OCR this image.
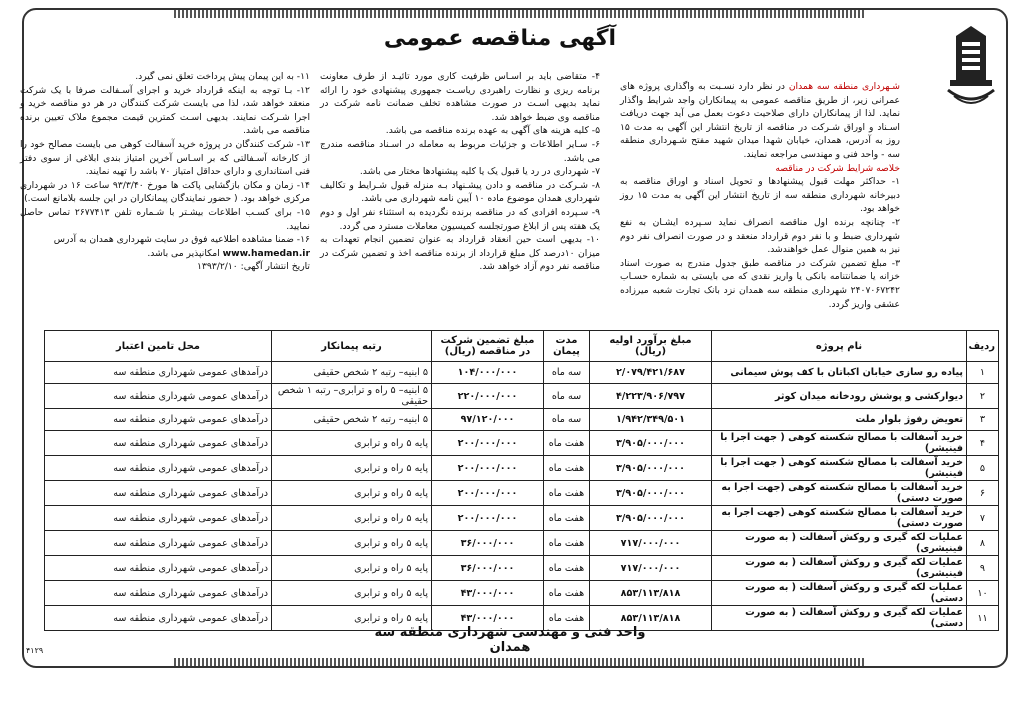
آگهی مناقصه عمومی

شـهرداری منطقه سه همدان در نظر دارد نسـبت به واگذاری پروژه های عمرانی زیر، از طریق مناقصه عمومی به پیمانکاران واجد شرایط واگذار نماید. لذا از پیمانکاران دارای صلاحیت دعوت بعمل می آید جهت دریافت اسـناد و اوراق شـرکت در مناقصه از تاریخ انتشار این آگهی به مدت ۱۵ روز به آدرس، همدان، خیابان شهدا میدان شهید مفتح شـهرداری منطقه سه - واحد فنی و مهندسی مراجعه نمایند.

خلاصه شرایط شرکت در مناقصه

۱- حداکثر مهلت قبول پیشنهادها و تحویل اسناد و اوراق مناقصه به دبیرخانه شهرداری منطقه سه از تاریخ انتشار این آگهی به مدت ۱۵ روز خواهد بود.

۲- چنانچه برنده اول مناقصه انصراف نماید سـپرده ایشـان به نفع شهرداری ضبط و با نفر دوم قرارداد منعقد و در صورت انصراف نفر دوم نیز به همین منوال عمل خواهندشد.

۳- مبلغ تضمین شرکت در مناقصه طبق جدول مندرج به صورت اسناد خزانه یا ضمانتنامه بانکی یا واریز نقدی که می بایستی به شماره حسـاب ۲۴۰۷۰۶۷۲۴۲ شهرداری منطقه سه همدان نزد بانک تجارت شعبه میرزاده عشقی واریز گردد.

۴- متقاضی باید بر اسـاس ظرفیت کاری مورد تائیـد از طرف معاونت برنامه ریزی و نظارت راهبردی ریاسـت جمهوری پیشنهادی خود را ارائه نماید بدیهی اسـت در صورت مشاهده تخلف ضمانت نامه شرکت در مناقصه وی ضبط خواهد شد.

۵- کلیه هزینه های آگهی به عهده برنده مناقصه می باشد.

۶- سـایر اطلاعات و جزئیات مربوط به معامله در اسـناد مناقصه مندرج می باشد.

۷- شهرداری در رد یا قبول یک یا کلیه پیشنهادها مختار می باشد.

۸- شـرکت در مناقصه و دادن پیشـنهاد بـه منزله قبول شـرایط و تکالیف شهرداری همدان موضوع ماده ۱۰ آیین نامه شهرداری می باشد.

۹- سـپرده افرادی که در مناقصه برنده نگردیده به استثناء نفر اول و دوم یک هفته پس از ابلاغ صورتجلسه کمیسیون معاملات مسترد می گردد.

۱۰- بدیهی است حین انعقاد قرارداد به عنوان تضمین انجام تعهدات به میزان ۱۰درصد کل مبلغ قرارداد از برنده مناقصه اخذ و تضمین شرکت در مناقصه نفر دوم آزاد خواهد شد.

۱۱- به این پیمان پیش پرداخت تعلق نمی گیرد.

۱۲- بـا توجه به اینکه قرارداد خرید و اجرای آسـفالت صرفا با یک شرکت منعقد خواهد شد، لذا می بایست شرکت کنندگان در هر دو مناقصه خرید و اجرا شـرکت نمایند. بدیهی اسـت کمترین قیمت مجموع ملاک تعیین برنده مناقصه می باشد.

۱۳- شرکت کنندگان در پروژه خرید آسفالت کوهی می بایست مصالح خود را از کارخانه آسـفالتی که بر اسـاس آخرین امتیاز بندی ابلاغی از سوی دفتر فنی استانداری و دارای حداقل امتیاز ۷۰ باشد را تهیه نمایند.

۱۴- زمان و مکان بازگشایی پاکت ها مورخ ۹۳/۳/۴۰ ساعت ۱۶ در شهرداری مرکزی خواهد بود. ( حضور نمایندگان پیمانکاران در این جلسه بلامانع است.)

۱۵- برای کسـب اطلاعات بیشـتر با شـماره تلفن ۲۶۷۷۴۱۳ تماس حاصل نمایید.

۱۶- ضمنا مشاهده اطلاعیه فوق در سایت شهرداری همدان به آدرس

www.hamedan.ir امکانپذیر می باشد.

تاریخ انتشار آگهی: ۱۳۹۳/۲/۱۰

ردیف	نام پروژه	مبلغ برآورد اولیه (ریال)	مدت پیمان	مبلغ تضمین شرکت در مناقصه (ریال)	رتبه پیمانکار	محل تامین اعتبار
۱	پیاده رو سازی خیابان اکباتان با کف پوش سیمانی	۲/۰۷۹/۴۲۱/۶۸۷	سه ماه	۱۰۴/۰۰۰/۰۰۰	۵ ابنیه– رتبه ۲ شخص حقیقی	درآمدهای عمومی شهرداری منطقه سه
۲	دیوارکشی و پوشش رودخانه میدان کوثر	۴/۲۲۳/۹۰۶/۷۹۷	سه ماه	۲۲۰/۰۰۰/۰۰۰	۵ ابنیه– ۵ راه و ترابری– رتبه ۱ شخص حقیقی	درآمدهای عمومی شهرداری منطقه سه
۳	تعویض رفوژ بلوار ملت	۱/۹۴۲/۳۴۹/۵۰۱	سه ماه	۹۷/۱۲۰/۰۰۰	۵ ابنیه– رتبه ۲ شخص حقیقی	درآمدهای عمومی شهرداری منطقه سه
۴	خرید آسفالت با مصالح شکسته کوهی ( جهت اجرا با فینیشر)	۳/۹۰۵/۰۰۰/۰۰۰	هفت ماه	۲۰۰/۰۰۰/۰۰۰	پایه ۵ راه و ترابری	درآمدهای عمومی شهرداری منطقه سه
۵	خرید آسفالت با مصالح شکسته کوهی ( جهت اجرا با فینیشر)	۳/۹۰۵/۰۰۰/۰۰۰	هفت ماه	۲۰۰/۰۰۰/۰۰۰	پایه ۵ راه و ترابری	درآمدهای عمومی شهرداری منطقه سه
۶	خرید آسفالت با مصالح شکسته کوهی (جهت اجرا به صورت دستی)	۳/۹۰۵/۰۰۰/۰۰۰	هفت ماه	۲۰۰/۰۰۰/۰۰۰	پایه ۵ راه و ترابری	درآمدهای عمومی شهرداری منطقه سه
۷	خرید آسفالت با مصالح شکسته کوهی (جهت اجرا به صورت دستی)	۳/۹۰۵/۰۰۰/۰۰۰	هفت ماه	۲۰۰/۰۰۰/۰۰۰	پایه ۵ راه و ترابری	درآمدهای عمومی شهرداری منطقه سه
۸	عملیات لکه گیری و روکش آسفالت ( به صورت فینیشری)	۷۱۷/۰۰۰/۰۰۰	هفت ماه	۳۶/۰۰۰/۰۰۰	پایه ۵ راه و ترابری	درآمدهای عمومی شهرداری منطقه سه
۹	عملیات لکه گیری و روکش آسفالت ( به صورت فینیشری)	۷۱۷/۰۰۰/۰۰۰	هفت ماه	۳۶/۰۰۰/۰۰۰	پایه ۵ راه و ترابری	درآمدهای عمومی شهرداری منطقه سه
۱۰	عملیات لکه گیری و روکش آسفالت ( به صورت دستی)	۸۵۳/۱۱۳/۸۱۸	هفت ماه	۴۳/۰۰۰/۰۰۰	پایه ۵ راه و ترابری	درآمدهای عمومی شهرداری منطقه سه
۱۱	عملیات لکه گیری و روکش آسفالت ( به صورت دستی)	۸۵۳/۱۱۳/۸۱۸	هفت ماه	۴۳/۰۰۰/۰۰۰	پایه ۵ راه و ترابری	درآمدهای عمومی شهرداری منطقه سه
واحد فنی و مهندسی شهرداری منطقه سه همدان
۴۱۲۹
